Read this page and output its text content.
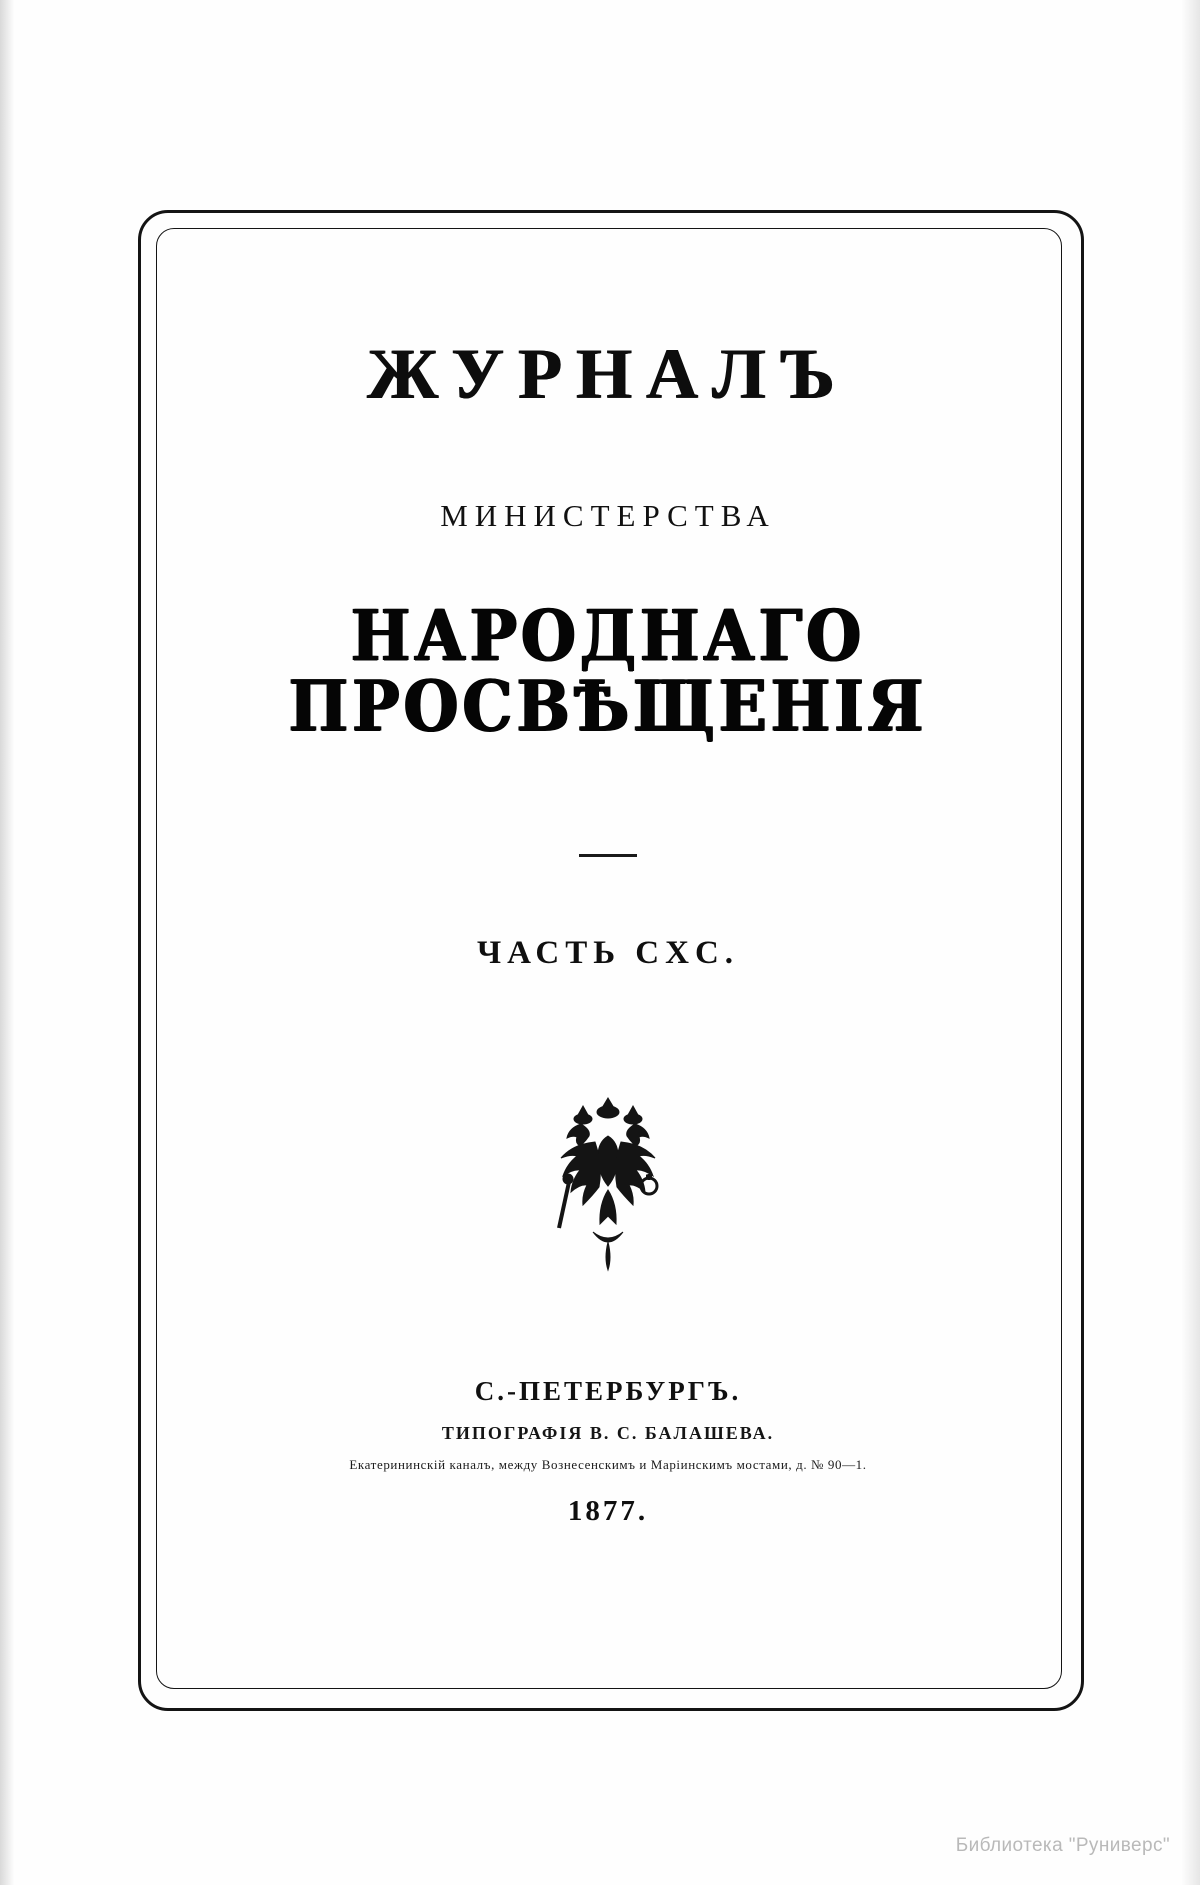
ЖУРНАЛЪ
МИНИСТЕРСТВА
НАРОДНАГО ПРОСВѢЩЕНІЯ
ЧАСТЬ CXC.
С.-ПЕТЕРБУРГЪ.
ТИПОГРАФІЯ В. С. БАЛАШЕВА.
Екатерининскій каналъ, между Вознесенскимъ и Маріинскимъ мостами, д. № 90—1.
1877.
Библиотека "Руниверс"
